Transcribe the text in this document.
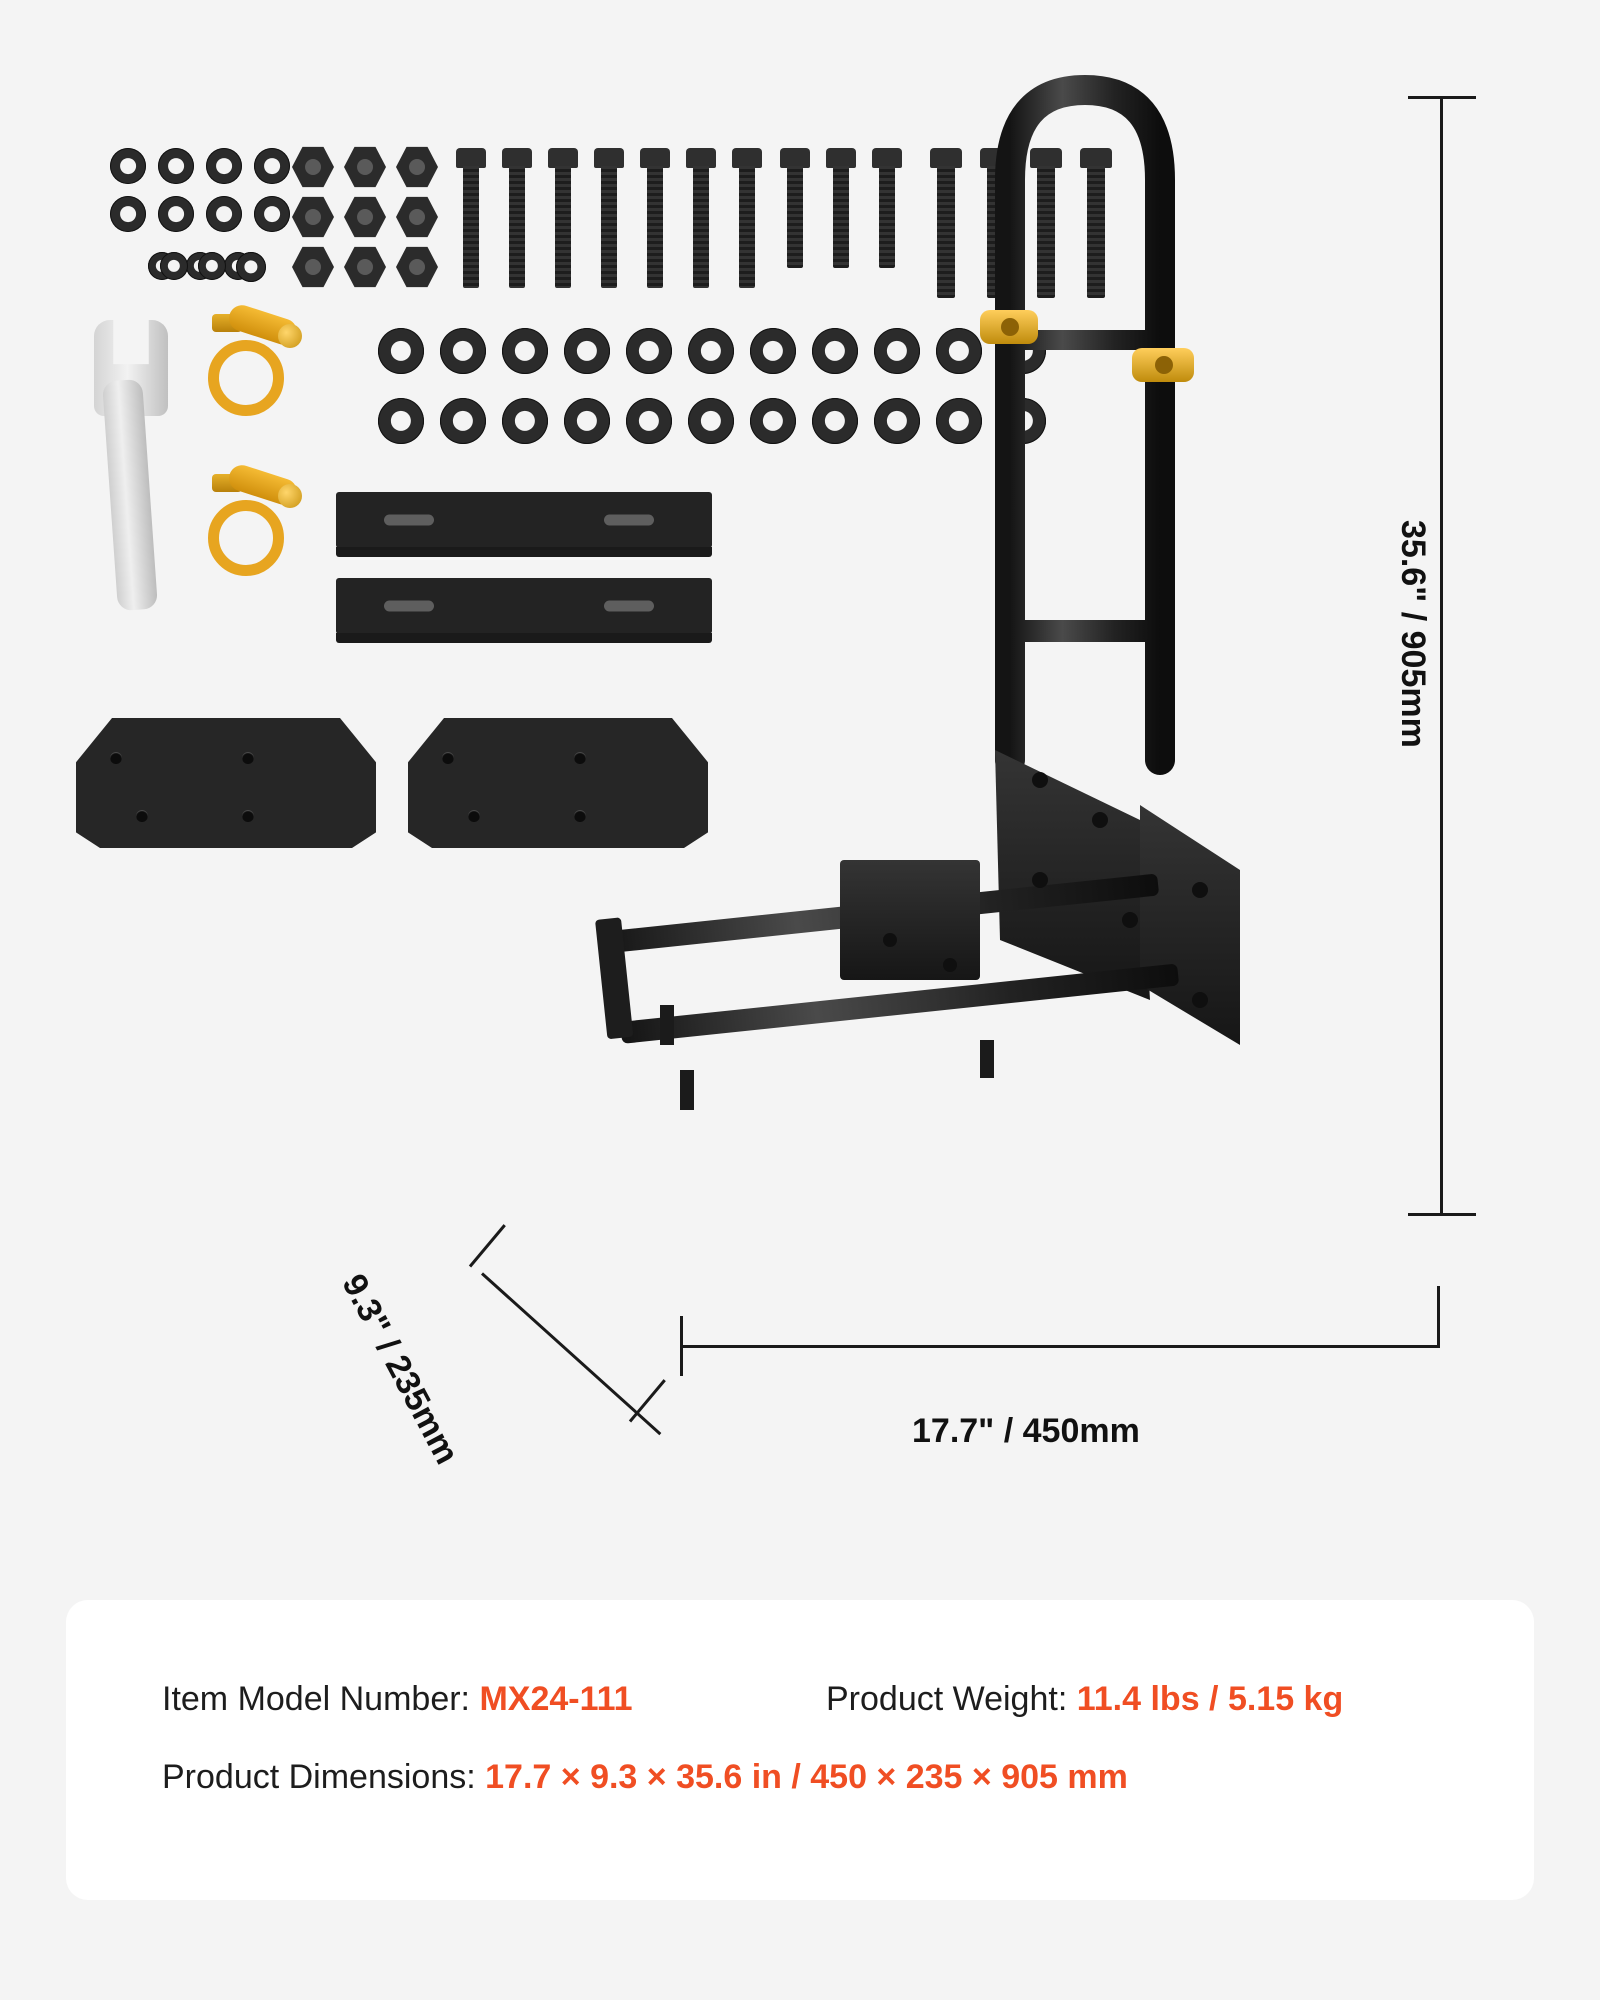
35.6" / 905mm
17.7" / 450mm
9.3" / 235mm
Item Model Number: MX24-111	Product Weight: 11.4 lbs / 5.15 kg
Product Dimensions: 17.7 × 9.3 × 35.6 in / 450 × 235 × 905 mm
